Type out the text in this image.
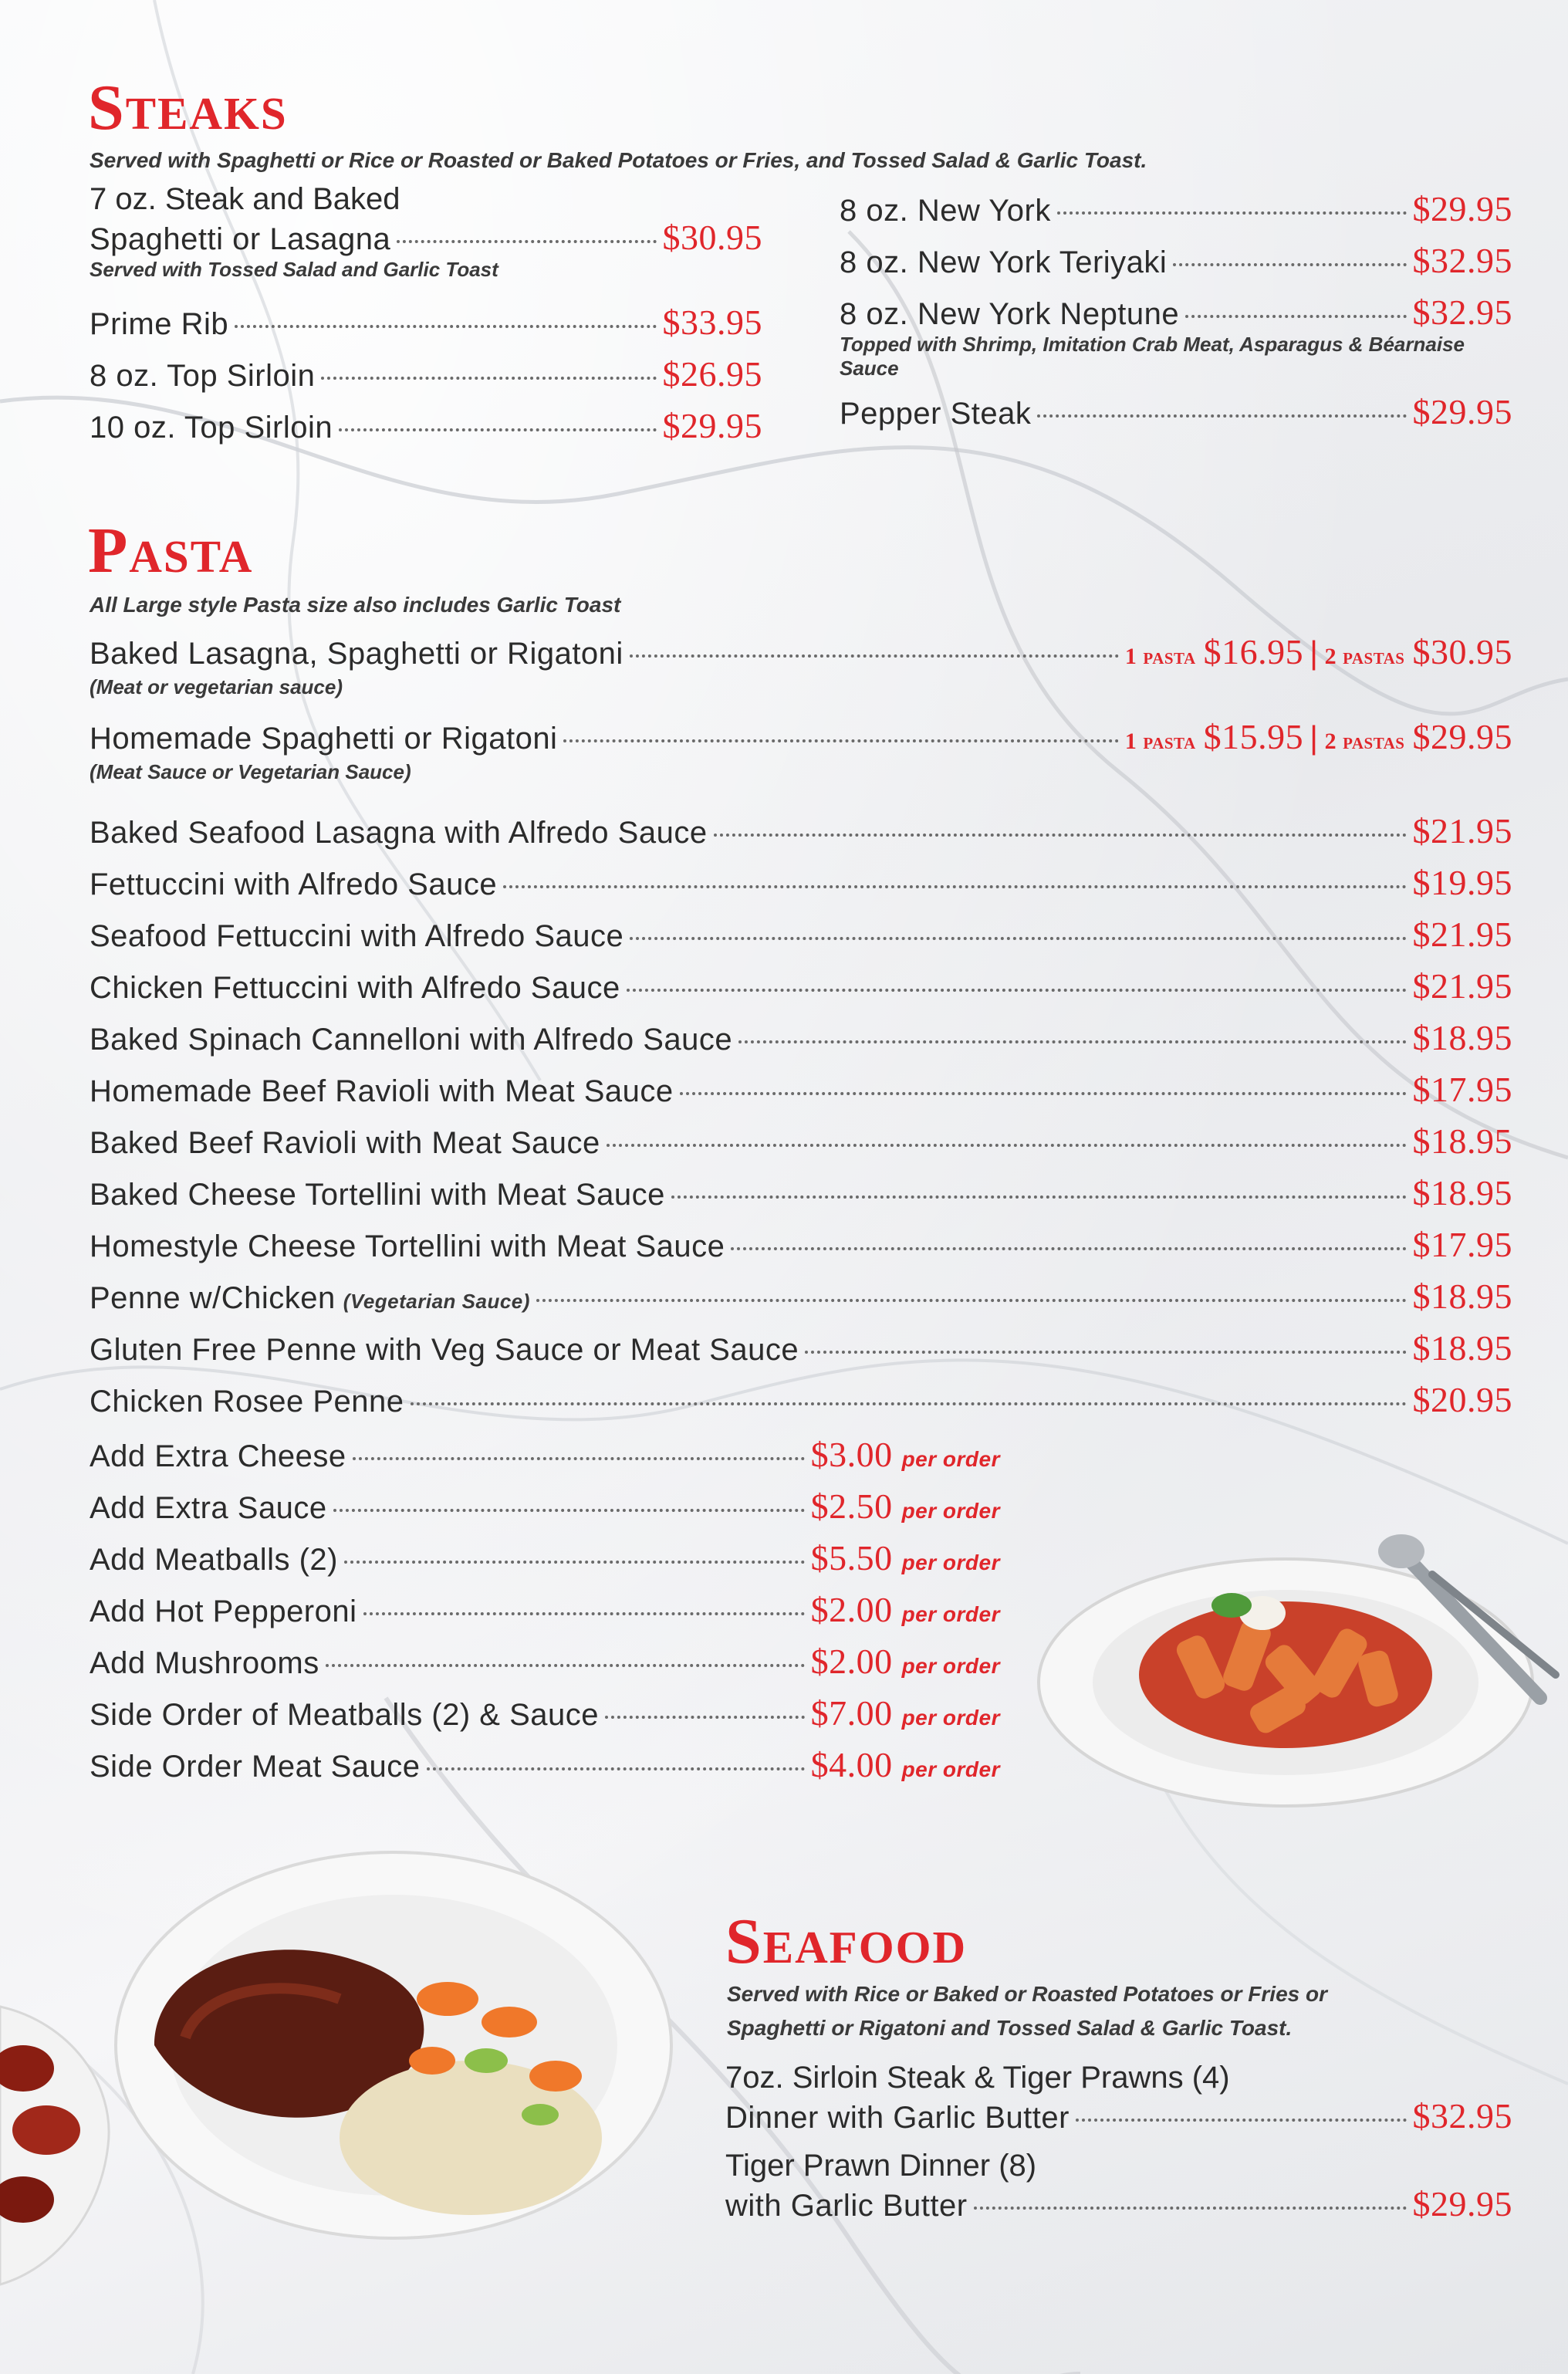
Steaks
Served with Spaghetti or Rice or Roasted or Baked Potatoes or Fries, and Tossed Salad & Garlic Toast.
7 oz. Steak and Baked
Spaghetti or Lasagna	$30.95
Served with Tossed Salad and Garlic Toast
Prime Rib	$33.95
8 oz. Top Sirloin	$26.95
10 oz. Top Sirloin	$29.95
8 oz. New York	$29.95
8 oz. New York Teriyaki	$32.95
8 oz. New York Neptune	$32.95
Topped with Shrimp, Imitation Crab Meat, Asparagus & Béarnaise Sauce
Pepper Steak	$29.95
Pasta
All Large style Pasta size also includes Garlic Toast
Baked Lasagna, Spaghetti or Rigatoni	1 pasta $16.95 | 2 pastas $30.95
(Meat or vegetarian sauce)
Homemade Spaghetti or Rigatoni	1 pasta $15.95 | 2 pastas $29.95
(Meat Sauce or Vegetarian Sauce)
Baked Seafood Lasagna with Alfredo Sauce	$21.95
Fettuccini with Alfredo Sauce	$19.95
Seafood Fettuccini with Alfredo Sauce	$21.95
Chicken Fettuccini with Alfredo Sauce	$21.95
Baked Spinach Cannelloni with Alfredo Sauce	$18.95
Homemade Beef Ravioli with Meat Sauce	$17.95
Baked Beef Ravioli with Meat Sauce	$18.95
Baked Cheese Tortellini with Meat Sauce	$18.95
Homestyle Cheese Tortellini with Meat Sauce	$17.95
Penne w/Chicken (Vegetarian Sauce)	$18.95
Gluten Free Penne with Veg Sauce or Meat Sauce	$18.95
Chicken Rosee Penne	$20.95
Add Extra Cheese	$3.00 per order
Add Extra Sauce	$2.50 per order
Add Meatballs (2)	$5.50 per order
Add Hot Pepperoni	$2.00 per order
Add Mushrooms	$2.00 per order
Side Order of Meatballs (2) & Sauce	$7.00 per order
Side Order Meat Sauce	$4.00 per order
Seafood
Served with Rice or Baked or Roasted Potatoes or Fries or
Spaghetti or Rigatoni and Tossed Salad & Garlic Toast.
7oz. Sirloin Steak & Tiger Prawns (4)
Dinner with Garlic Butter	$32.95
Tiger Prawn Dinner (8)
with Garlic Butter	$29.95
